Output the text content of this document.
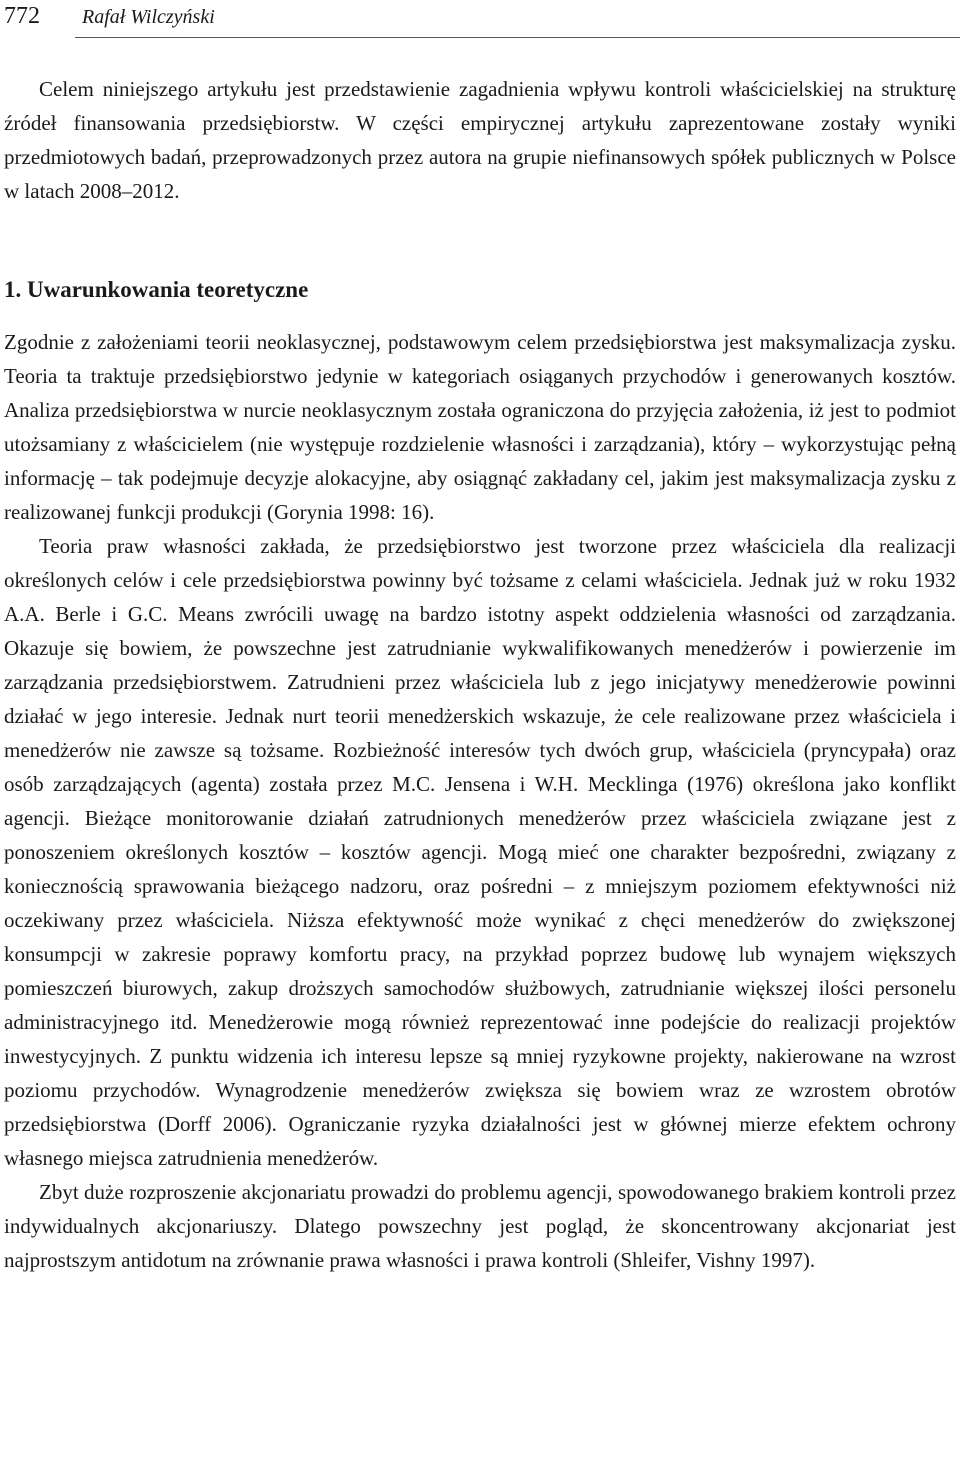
772 Rafał Wilczyński

Celem niniejszego artykułu jest przedstawienie zagadnienia wpływu kontroli właścicielskiej na strukturę źródeł finansowania przedsiębiorstw. W części empirycznej artykułu zaprezentowane zostały wyniki przedmiotowych badań, przeprowadzonych przez autora na grupie niefinansowych spółek publicznych w Polsce w latach 2008–2012.

1. Uwarunkowania teoretyczne

Zgodnie z założeniami teorii neoklasycznej, podstawowym celem przedsiębiorstwa jest maksymalizacja zysku. Teoria ta traktuje przedsiębiorstwo jedynie w kategoriach osiąganych przychodów i generowanych kosztów. Analiza przedsiębiorstwa w nurcie neoklasycznym została ograniczona do przyjęcia założenia, iż jest to podmiot utożsamiany z właścicielem (nie występuje rozdzielenie własności i zarządzania), który – wykorzystując pełną informację – tak podejmuje decyzje alokacyjne, aby osiągnąć zakładany cel, jakim jest maksymalizacja zysku z realizowanej funkcji produkcji (Gorynia 1998: 16).

Teoria praw własności zakłada, że przedsiębiorstwo jest tworzone przez właściciela dla realizacji określonych celów i cele przedsiębiorstwa powinny być tożsame z celami właściciela. Jednak już w roku 1932 A.A. Berle i G.C. Means zwrócili uwagę na bardzo istotny aspekt oddzielenia własności od zarządzania. Okazuje się bowiem, że powszechne jest zatrudnianie wykwalifikowanych menedżerów i powierzenie im zarządzania przedsiębiorstwem. Zatrudnieni przez właściciela lub z jego inicjatywy menedżerowie powinni działać w jego interesie. Jednak nurt teorii menedżerskich wskazuje, że cele realizowane przez właściciela i menedżerów nie zawsze są tożsame. Rozbieżność interesów tych dwóch grup, właściciela (pryncypała) oraz osób zarządzających (agenta) została przez M.C. Jensena i W.H. Mecklinga (1976) określona jako konflikt agencji. Bieżące monitorowanie działań zatrudnionych menedżerów przez właściciela związane jest z ponoszeniem określonych kosztów – kosztów agencji. Mogą mieć one charakter bezpośredni, związany z koniecznością sprawowania bieżącego nadzoru, oraz pośredni – z mniejszym poziomem efektywności niż oczekiwany przez właściciela. Niższa efektywność może wynikać z chęci menedżerów do zwiększonej konsumpcji w zakresie poprawy komfortu pracy, na przykład poprzez budowę lub wynajem większych pomieszczeń biurowych, zakup droższych samochodów służbowych, zatrudnianie większej ilości personelu administracyjnego itd. Menedżerowie mogą również reprezentować inne podejście do realizacji projektów inwestycyjnych. Z punktu widzenia ich interesu lepsze są mniej ryzykowne projekty, nakierowane na wzrost poziomu przychodów. Wynagrodzenie menedżerów zwiększa się bowiem wraz ze wzrostem obrotów przedsiębiorstwa (Dorff 2006). Ograniczanie ryzyka działalności jest w głównej mierze efektem ochrony własnego miejsca zatrudnienia menedżerów.

Zbyt duże rozproszenie akcjonariatu prowadzi do problemu agencji, spowodowanego brakiem kontroli przez indywidualnych akcjonariuszy. Dlatego powszechny jest pogląd, że skoncentrowany akcjonariat jest najprostszym antidotum na zrównanie prawa własności i prawa kontroli (Shleifer, Vishny 1997).
